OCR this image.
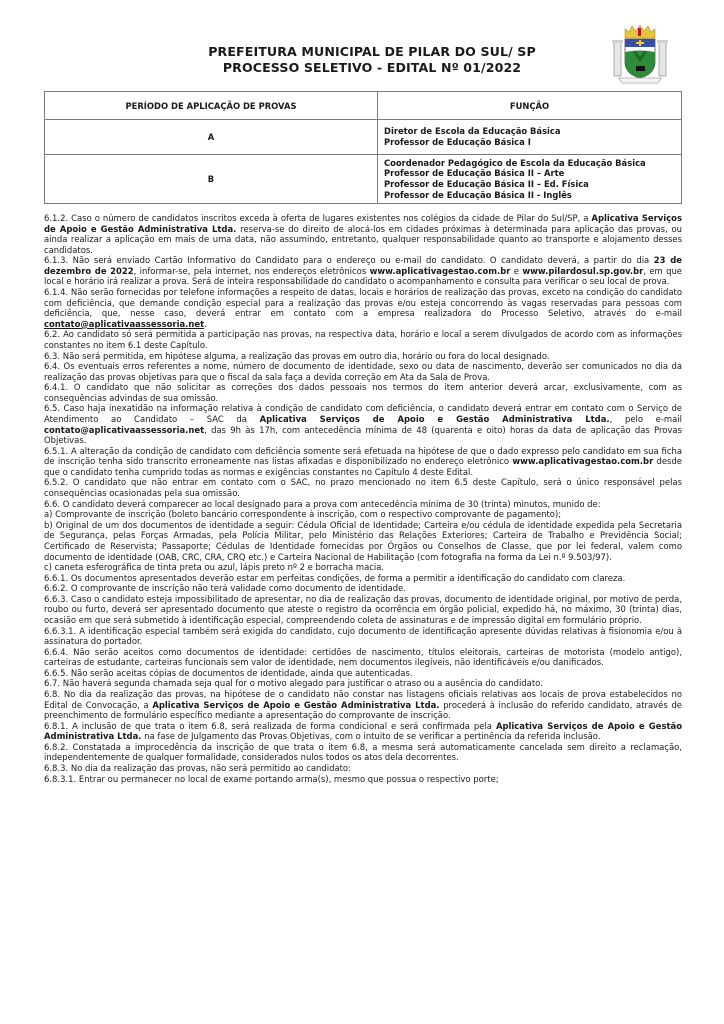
PREFEITURA MUNICIPAL DE PILAR DO SUL/ SP
PROCESSO SELETIVO - EDITAL Nº 01/2022
PERÍODO DE APLICAÇÃO DE PROVAS	FUNÇÃO
A	Diretor de Escola da Educação Básica
Professor de Educação Básica I

B	Coordenador Pedagógico de Escola da Educação Básica
Professor de Educação Básica II – Arte
Professor de Educação Básica II – Ed. Física
Professor de Educação Básica II - Inglês

6.1.2. Caso o número de candidatos inscritos exceda à oferta de lugares existentes nos colégios da cidade de Pilar do Sul/SP, a Aplicativa Serviços de Apoio e Gestão Administrativa Ltda. reserva-se do direito de alocá-los em cidades próximas à determinada para aplicação das provas, ou ainda realizar a aplicação em mais de uma data, não assumindo, entretanto, qualquer responsabilidade quanto ao transporte e alojamento desses candidatos.

6.1.3. Não será enviado Cartão Informativo do Candidato para o endereço ou e-mail do candidato. O candidato deverá, a partir do dia 23 de dezembro de 2022, informar-se, pela internet, nos endereços eletrônicos www.aplicativagestao.com.br e www.pilardosul.sp.gov.br, em que local e horário irá realizar a prova. Será de inteira responsabilidade do candidato o acompanhamento e consulta para verificar o seu local de prova.

6.1.4. Não serão fornecidas por telefone informações a respeito de datas, locais e horários de realização das provas, exceto na condição do candidato com deficiência, que demande condição especial para a realização das provas e/ou esteja concorrendo às vagas reservadas para pessoas com deficiência, que, nesse caso, deverá entrar em contato com a empresa realizadora do Processo Seletivo, através do e-mail contato@aplicativaassessoria.net.

6.2. Ao candidato só será permitida a participação nas provas, na respectiva data, horário e local a serem divulgados de acordo com as informações constantes no item 6.1 deste Capítulo.

6.3. Não será permitida, em hipótese alguma, a realização das provas em outro dia, horário ou fora do local designado.

6.4. Os eventuais erros referentes a nome, número de documento de identidade, sexo ou data de nascimento, deverão ser comunicados no dia da realização das provas objetivas para que o fiscal da sala faça a devida correção em Ata da Sala de Prova.

6.4.1. O candidato que não solicitar as correções dos dados pessoais nos termos do item anterior deverá arcar, exclusivamente, com as consequências advindas de sua omissão.

6.5. Caso haja inexatidão na informação relativa à condição de candidato com deficiência, o candidato deverá entrar em contato com o Serviço de Atendimento ao Candidato – SAC da Aplicativa Serviços de Apoio e Gestão Administrativa Ltda., pelo e-mail contato@aplicativaassessoria.net, das 9h às 17h, com antecedência mínima de 48 (quarenta e oito) horas da data de aplicação das Provas Objetivas.

6.5.1. A alteração da condição de candidato com deficiência somente será efetuada na hipótese de que o dado expresso pelo candidato em sua ficha de inscrição tenha sido transcrito erroneamente nas listas afixadas e disponibilizado no endereço eletrônico www.aplicativagestao.com.br desde que o candidato tenha cumprido todas as normas e exigências constantes no Capítulo 4 deste Edital.

6.5.2. O candidato que não entrar em contato com o SAC, no prazo mencionado no item 6.5 deste Capítulo, será o único responsável pelas consequências ocasionadas pela sua omissão.

6.6. O candidato deverá comparecer ao local designado para a prova com antecedência mínima de 30 (trinta) minutos, munido de:

a) Comprovante de inscrição (boleto bancário correspondente à inscrição, com o respectivo comprovante de pagamento);

b) Original de um dos documentos de identidade a seguir: Cédula Oficial de Identidade; Carteira e/ou cédula de identidade expedida pela Secretaria de Segurança, pelas Forças Armadas, pela Polícia Militar, pelo Ministério das Relações Exteriores; Carteira de Trabalho e Previdência Social; Certificado de Reservista; Passaporte; Cédulas de Identidade fornecidas por Órgãos ou Conselhos de Classe, que por lei federal, valem como documento de identidade (OAB, CRC, CRA, CRQ etc.) e Carteira Nacional de Habilitação (com fotografia na forma da Lei n.º 9.503/97).

c) caneta esferográfica de tinta preta ou azul, lápis preto nº 2 e borracha macia.

6.6.1. Os documentos apresentados deverão estar em perfeitas condições, de forma a permitir a identificação do candidato com clareza.

6.6.2. O comprovante de inscrição não terá validade como documento de identidade.

6.6.3. Caso o candidato esteja impossibilitado de apresentar, no dia de realização das provas, documento de identidade original, por motivo de perda, roubo ou furto, deverá ser apresentado documento que ateste o registro da ocorrência em órgão policial, expedido há, no máximo, 30 (trinta) dias, ocasião em que será submetido à identificação especial, compreendendo coleta de assinaturas e de impressão digital em formulário próprio.

6.6.3.1. A identificação especial também será exigida do candidato, cujo documento de identificação apresente dúvidas relativas à fisionomia e/ou à assinatura do portador.

6.6.4. Não serão aceitos como documentos de identidade: certidões de nascimento, títulos eleitorais, carteiras de motorista (modelo antigo), carteiras de estudante, carteiras funcionais sem valor de identidade, nem documentos ilegíveis, não identificáveis e/ou danificados.

6.6.5. Não serão aceitas cópias de documentos de identidade, ainda que autenticadas.

6.7. Não haverá segunda chamada seja qual for o motivo alegado para justificar o atraso ou a ausência do candidato.

6.8. No dia da realização das provas, na hipótese de o candidato não constar nas listagens oficiais relativas aos locais de prova estabelecidos no Edital de Convocação, a Aplicativa Serviços de Apoio e Gestão Administrativa Ltda. procederá à inclusão do referido candidato, através de preenchimento de formulário específico mediante a apresentação do comprovante de inscrição.

6.8.1. A inclusão de que trata o item 6.8, será realizada de forma condicional e será confirmada pela Aplicativa Serviços de Apoio e Gestão Administrativa Ltda. na fase de Julgamento das Provas Objetivas, com o intuito de se verificar a pertinência da referida inclusão.

6.8.2. Constatada a improcedência da inscrição de que trata o item 6.8, a mesma será automaticamente cancelada sem direito a reclamação, independentemente de qualquer formalidade, considerados nulos todos os atos dela decorrentes.

6.8.3. No dia da realização das provas, não será permitido ao candidato:

6.8.3.1. Entrar ou permanecer no local de exame portando arma(s), mesmo que possua o respectivo porte;
